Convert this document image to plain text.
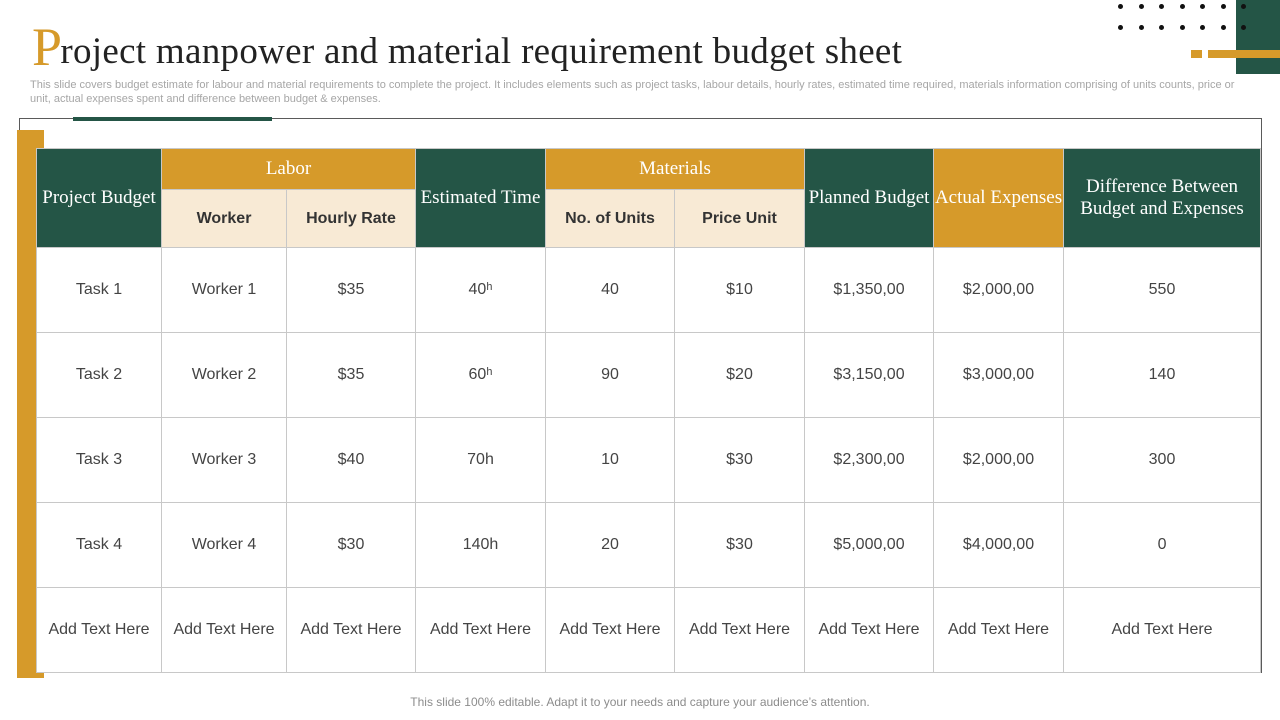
Project manpower and material requirement budget sheet
This slide covers budget estimate for labour and material requirements to complete the project. It includes elements such as project tasks, labour details, hourly rates, estimated time required, materials information comprising of units counts, price or unit, actual expenses spent and difference between budget & expenses.
Project Budget	Labor		Estimated Time	Materials		Planned Budget	Actual Expenses	Difference Between Budget and Expenses
	Worker	Hourly Rate		No. of Units	Price Unit			
Task 1	Worker 1	$35	40ʰ	40	$10	$1,350,00	$2,000,00	550
Task 2	Worker 2	$35	60ʰ	90	$20	$3,150,00	$3,000,00	140
Task 3	Worker 3	$40	70h	10	$30	$2,300,00	$2,000,00	300
Task 4	Worker 4	$30	140h	20	$30	$5,000,00	$4,000,00	0
Add Text Here	Add Text Here	Add Text Here	Add Text Here	Add Text Here	Add Text Here	Add Text Here	Add Text Here	Add Text Here
This slide 100% editable. Adapt it to your needs and capture your audience’s attention.
